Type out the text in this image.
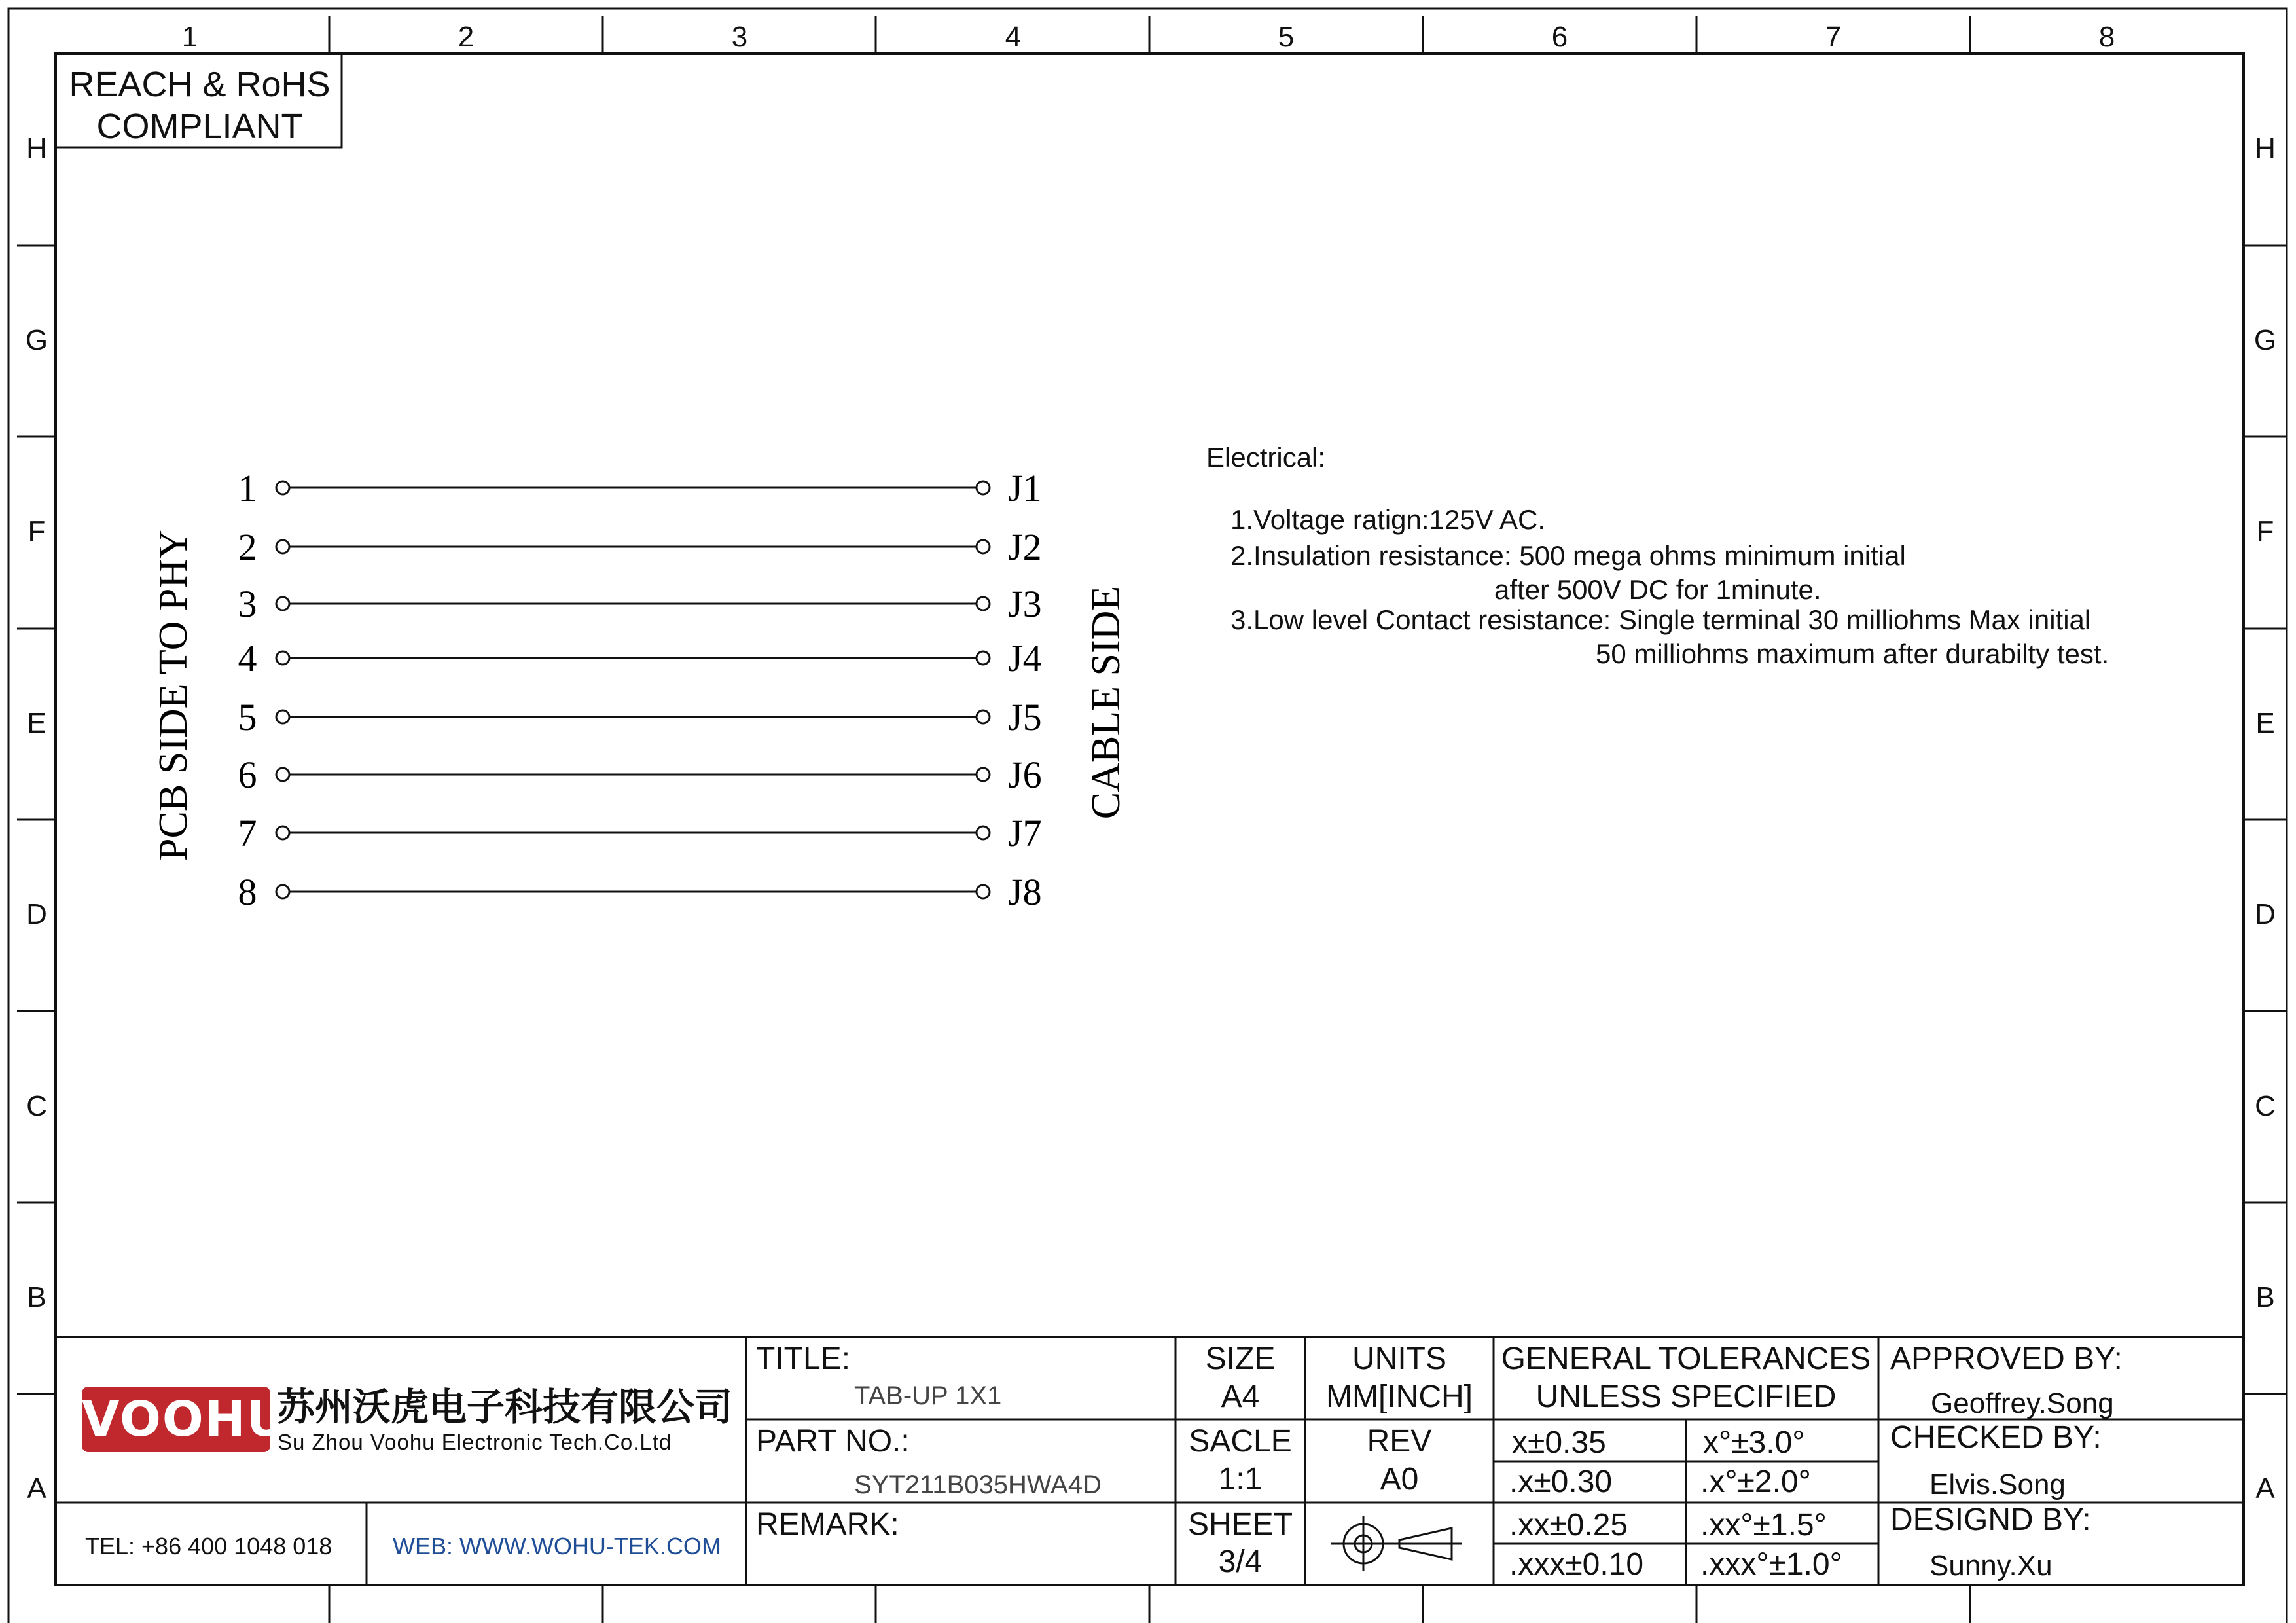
1	2	3	4	5	6	7	8
H
G
F
E
D
C
B
A
H
G
F
E
D
C
B
A
REACH & RoHS
COMPLIANT
PCB SIDE TO PHY	CABLE SIDE
1	J1
2	J2
3	J3
4	J4
5	J5
6	J6
7	J7
8	J8
Electrical:
1.Voltage ratign:125V AC.
2.Insulation resistance: 500 mega ohms minimum initial
after 500V DC for 1minute.
3.Low level Contact resistance: Single terminal 30 milliohms Max initial
50 milliohms maximum after durabilty test.
VOOHU
苏州沃虎电子科技有限公司
Su Zhou Voohu Electronic Tech.Co.Ltd
TEL: +86 400 1048 018	WEB: WWW.WOHU-TEK.COM
TITLE:
TAB-UP 1X1
PART NO.:
SYT211B035HWA4D
REMARK:
SIZE
A4
UNITS
MM[INCH]
SACLE
1:1
REV
A0
SHEET
3/4
GENERAL TOLERANCES
UNLESS SPECIFIED
x±0.35	x°±3.0°
.x±0.30	.x°±2.0°
.xx±0.25 .xx°±1.5°
.xxx±0.10 .xxx°±1.0°
APPROVED BY:
Geoffrey.Song
CHECKED BY:
Elvis.Song
DESIGND BY:
Sunny.Xu
